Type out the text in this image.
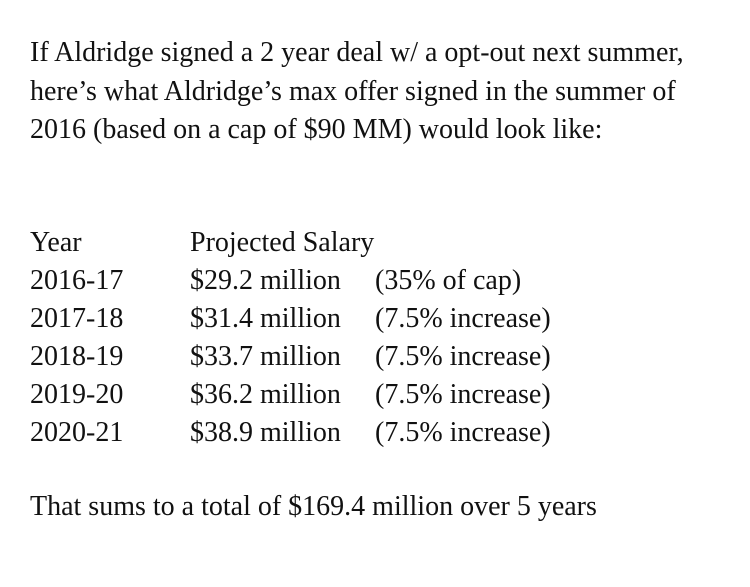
If Aldridge signed a 2 year deal w/ a opt-out next summer, here’s what Aldridge’s max offer signed in the summer of 2016 (based on a cap of $90 MM) would look like:

Year	Projected Salary	
2016-17	$29.2 million	(35% of cap)
2017-18	$31.4 million	(7.5% increase)
2018-19	$33.7 million	(7.5% increase)
2019-20	$36.2 million	(7.5% increase)
2020-21	$38.9 million	(7.5% increase)

That sums to a total of $169.4 million over 5 years
